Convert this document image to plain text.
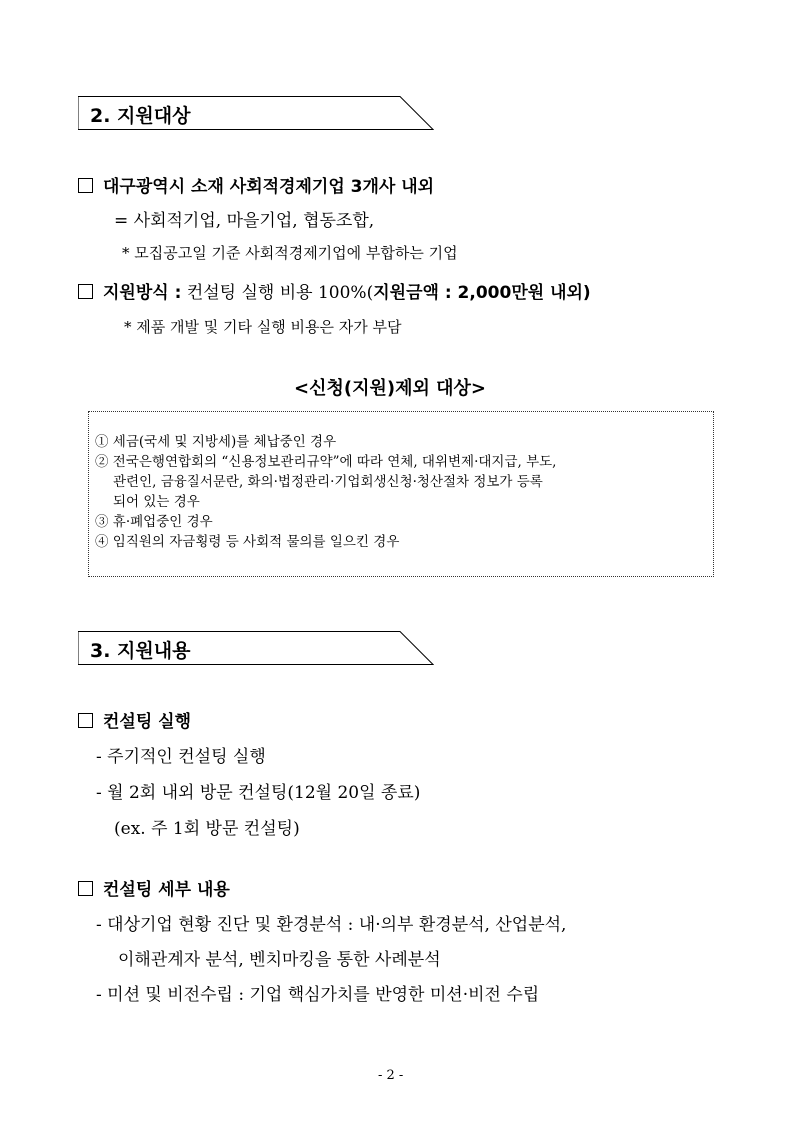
2. 지원대상
대구광역시 소재 사회적경제기업 3개사 내외
= 사회적기업, 마을기업, 협동조합,
* 모집공고일 기준 사회적경제기업에 부합하는 기업
지원방식 : 컨설팅 실행 비용 100%(지원금액 : 2,000만원 내외)
* 제품 개발 및 기타 실행 비용은 자가 부담
<신청(지원)제외 대상>
① 세금(국세 및 지방세)를 체납중인 경우
② 전국은행연합회의 “신용정보관리규약”에 따라 연체, 대위변제·대지급, 부도,
관련인, 금융질서문란, 화의·법정관리·기업회생신청·청산절차 정보가 등록
되어 있는 경우
③ 휴·폐업중인 경우
④ 임직원의 자금횡령 등 사회적 물의를 일으킨 경우
3. 지원내용
컨설팅 실행
- 주기적인 컨설팅 실행
- 월 2회 내외 방문 컨설팅(12월 20일 종료)
(ex. 주 1회 방문 컨설팅)
컨설팅 세부 내용
- 대상기업 현황 진단 및 환경분석 : 내·의부 환경분석, 산업분석,
이해관계자 분석, 벤치마킹을 통한 사례분석
- 미션 및 비전수립 : 기업 핵심가치를 반영한 미션·비전 수립
- 2 -
